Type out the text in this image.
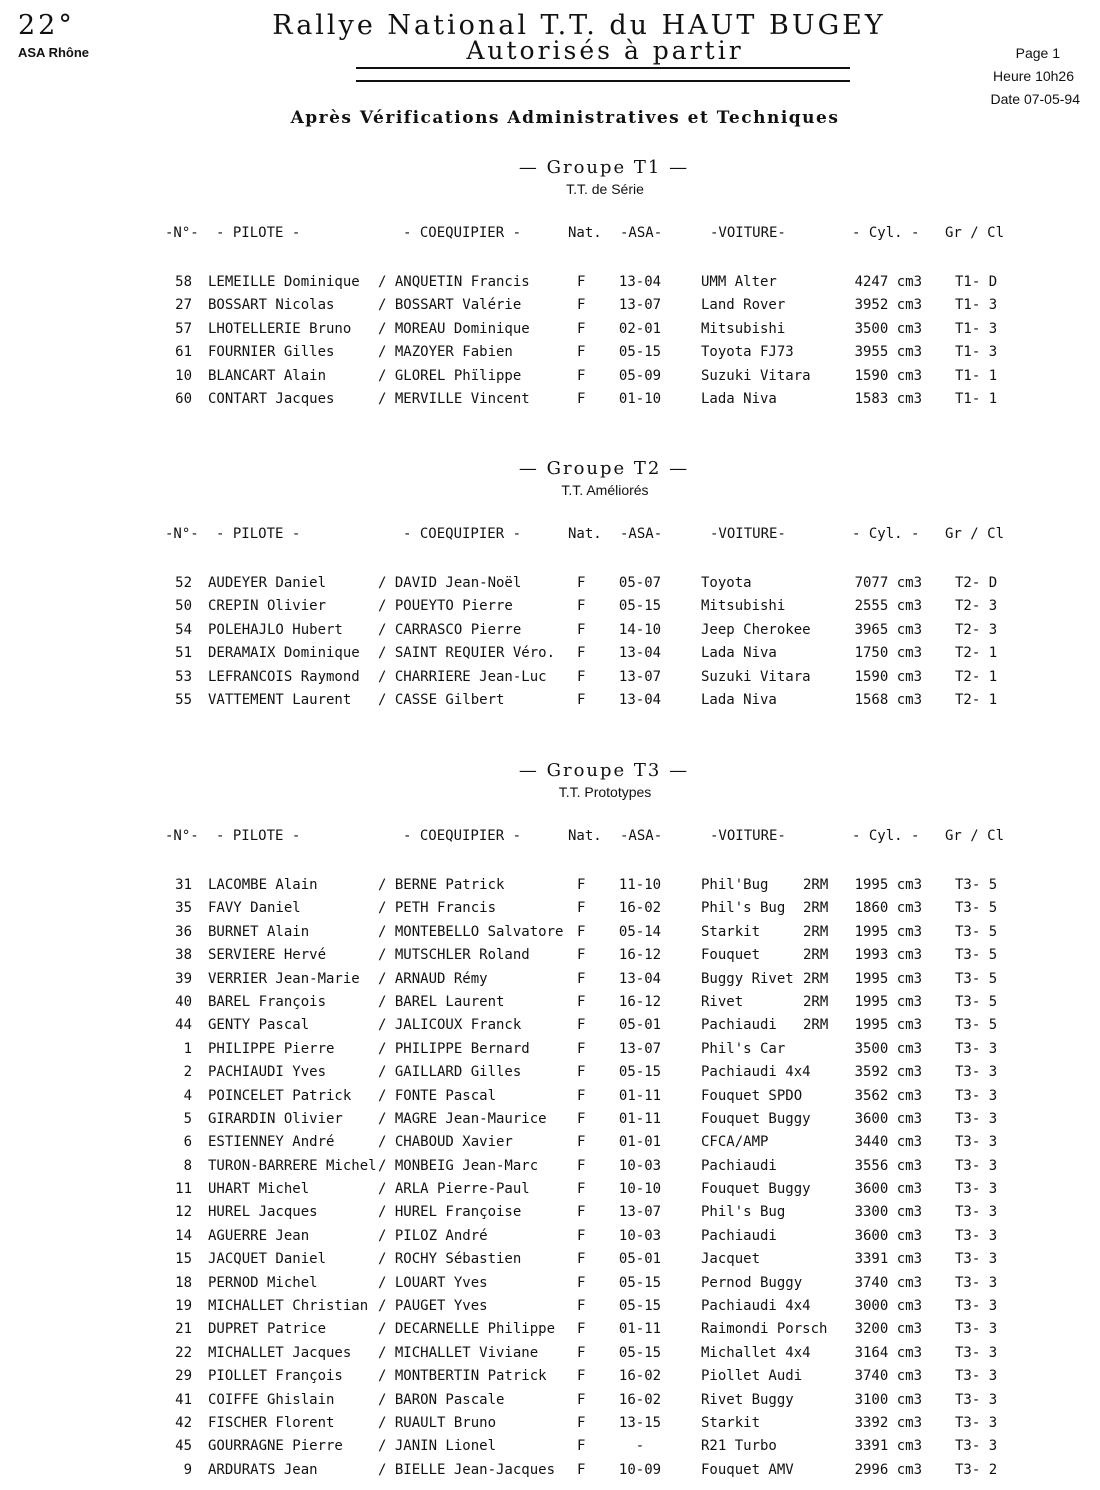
22°	Rallye National T.T. du HAUT BUGEY
Autorisés à partir
ASA Rhône	Page 1
Heure 10h26
Date 07-05-94
Après Vérifications Administratives et Techniques
— Groupe T1 —
T.T. de Série
-N°- - PILOTE -	- COEQUIPIER -	Nat. -ASA-	-VOITURE-	- Cyl. - Gr / Cl
58 LEMEILLE Dominique / ANQUETIN Francis	F	13-04	UMM Alter	4247 cm3 T1- D
27 BOSSART Nicolas	/ BOSSART Valérie	F	13-07	Land Rover	3952 cm3 T1- 3
57 LHOTELLERIE Bruno / MOREAU Dominique	F	02-01	Mitsubishi	3500 cm3 T1- 3
61 FOURNIER Gilles	/ MAZOYER Fabien	F	05-15	Toyota FJ73	3955 cm3 T1- 3
10 BLANCART Alain	/ GLOREL Phïlippe	F	05-09	Suzuki Vitara	1590 cm3 T1- 1
60 CONTART Jacques	/ MERVILLE Vincent	F	01-10	Lada Niva	1583 cm3 T1- 1
— Groupe T2 —
T.T. Améliorés
-N°- - PILOTE -	- COEQUIPIER -	Nat. -ASA-	-VOITURE-	- Cyl. - Gr / Cl
52 AUDEYER Daniel	/ DAVID Jean-Noël	F	05-07	Toyota	7077 cm3 T2- D
50 CREPIN Olivier	/ POUEYTO Pierre	F	05-15	Mitsubishi	2555 cm3 T2- 3
54 POLEHAJLO Hubert	/ CARRASCO Pierre	F	14-10	Jeep Cherokee	3965 cm3 T2- 3
51 DERAMAIX Dominique / SAINT REQUIER Véro. F	13-04	Lada Niva	1750 cm3 T2- 1
53 LEFRANCOIS Raymond / CHARRIERE Jean-Luc F	13-07	Suzuki Vitara	1590 cm3 T2- 1
55 VATTEMENT Laurent / CASSE Gilbert	F	13-04	Lada Niva	1568 cm3 T2- 1
— Groupe T3 —
T.T. Prototypes
-N°- - PILOTE -	- COEQUIPIER -	Nat. -ASA-	-VOITURE-	- Cyl. - Gr / Cl
31 LACOMBE Alain	/ BERNE Patrick	F	11-10	Phil'Bug 2RM	1995 cm3 T3- 5
35 FAVY Daniel	/ PETH Francis	F	16-02	Phil's Bug 2RM	1860 cm3 T3- 5
36 BURNET Alain	/ MONTEBELLO Salvatore F	05-14	Starkit	2RM	1995 cm3 T3- 5
38 SERVIERE Hervé	/ MUTSCHLER Roland	F	16-12	Fouquet	2RM	1993 cm3 T3- 5
39 VERRIER Jean-Marie / ARNAUD Rémy	F	13-04	Buggy Rivet 2RM	1995 cm3 T3- 5
40 BAREL François	/ BAREL Laurent	F	16-12	Rivet	2RM	1995 cm3 T3- 5
44 GENTY Pascal	/ JALICOUX Franck	F	05-01	Pachiaudi 2RM	1995 cm3 T3- 5
1 PHILIPPE Pierre	/ PHILIPPE Bernard	F	13-07	Phil's Car	3500 cm3 T3- 3
2 PACHIAUDI Yves	/ GAILLARD Gilles	F	05-15	Pachiaudi 4x4	3592 cm3 T3- 3
4 POINCELET Patrick / FONTE Pascal	F	01-11	Fouquet SPDO	3562 cm3 T3- 3
5 GIRARDIN Olivier	/ MAGRE Jean-Maurice F	01-11	Fouquet Buggy	3600 cm3 T3- 3
6 ESTIENNEY André	/ CHABOUD Xavier	F	01-01	CFCA/AMP	3440 cm3 T3- 3
8 TURON-BARRERE Michel / MONBEIG Jean-Marc	F	10-03	Pachiaudi	3556 cm3 T3- 3
11 UHART Michel	/ ARLA Pierre-Paul	F	10-10	Fouquet Buggy	3600 cm3 T3- 3
12 HUREL Jacques	/ HUREL Françoise	F	13-07	Phil's Bug	3300 cm3 T3- 3
14 AGUERRE Jean	/ PILOZ André	F	10-03	Pachiaudi	3600 cm3 T3- 3
15 JACQUET Daniel	/ ROCHY Sébastien	F	05-01	Jacquet	3391 cm3 T3- 3
18 PERNOD Michel	/ LOUART Yves	F	05-15	Pernod Buggy	3740 cm3 T3- 3
19 MICHALLET Christian / PAUGET Yves	F	05-15	Pachiaudi 4x4	3000 cm3 T3- 3
21 DUPRET Patrice	/ DECARNELLE Philippe F	01-11	Raimondi Porsch	3200 cm3 T3- 3
22 MICHALLET Jacques / MICHALLET Viviane	F	05-15	Michallet 4x4	3164 cm3 T3- 3
29 PIOLLET François	/ MONTBERTIN Patrick F	16-02	Piollet Audi	3740 cm3 T3- 3
41 COIFFE Ghislain	/ BARON Pascale	F	16-02	Rivet Buggy	3100 cm3 T3- 3
42 FISCHER Florent	/ RUAULT Bruno	F	13-15	Starkit	3392 cm3 T3- 3
45 GOURRAGNE Pierre	/ JANIN Lionel	F	-	R21 Turbo	3391 cm3 T3- 3
9 ARDURATS Jean	/ BIELLE Jean-Jacques F	10-09	Fouquet AMV	2996 cm3 T3- 2
